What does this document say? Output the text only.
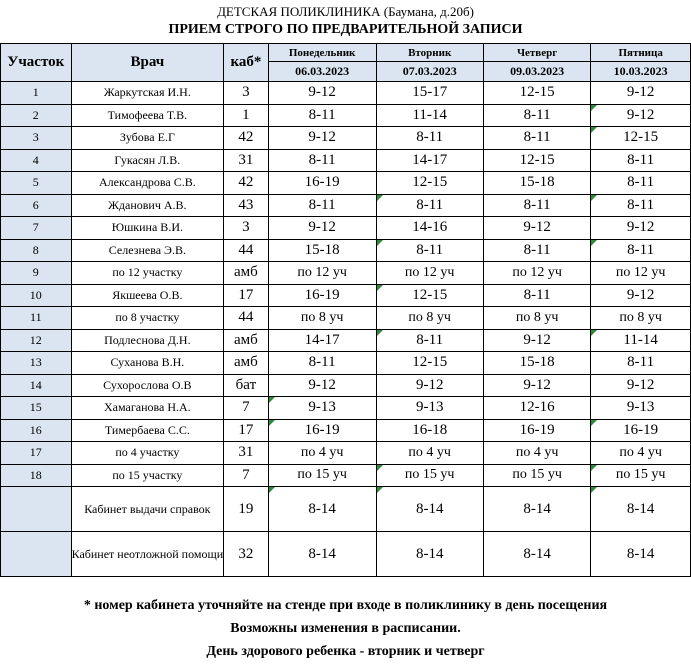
ДЕТСКАЯ ПОЛИКЛИНИКА (Баумана, д.20б)
ПРИЕМ СТРОГО ПО ПРЕДВАРИТЕЛЬНОЙ ЗАПИСИ
Участок	Врач	каб*	Понедельник	Вторник	Четверг	Пятница
			06.03.2023	07.03.2023	09.03.2023	10.03.2023
1	Жаркутская И.Н.	3	9-12	15-17	12-15	9-12
2	Тимофеева Т.В.	1	8-11	11-14	8-11	9-12
3	Зубова Е.Г	42	9-12	8-11	8-11	12-15
4	Гукасян Л.В.	31	8-11	14-17	12-15	8-11
5	Александрова С.В.	42	16-19	12-15	15-18	8-11
6	Жданович А.В.	43	8-11	8-11	8-11	8-11
7	Юшкина В.И.	3	9-12	14-16	9-12	9-12
8	Селезнева Э.В.	44	15-18	8-11	8-11	8-11
9	по 12 участку	амб	по 12 уч	по 12 уч	по 12 уч	по 12 уч
10	Якшеева О.В.	17	16-19	12-15	8-11	9-12
11	по 8 участку	44	по 8 уч	по 8 уч	по 8 уч	по 8 уч
12	Подлеснова Д.Н.	амб	14-17	8-11	9-12	11-14
13	Суханова В.Н.	амб	8-11	12-15	15-18	8-11
14	Сухорослова О.В	бат	9-12	9-12	9-12	9-12
15	Хамаганова Н.А.	7	9-13	9-13	12-16	9-13
16	Тимербаева С.С.	17	16-19	16-18	16-19	16-19
17	по 4 участку	31	по 4 уч	по 4 уч	по 4 уч	по 4 уч
18	по 15 участку	7	по 15 уч	по 15 уч	по 15 уч	по 15 уч
	Кабинет выдачи справок	19	8-14	8-14	8-14	8-14
	Кабинет неотложной помощи	32	8-14	8-14	8-14	8-14
* номер кабинета уточняйте на стенде при входе в поликлинику в день посещения
Возможны изменения в расписании.
День здорового ребенка - вторник и четверг
